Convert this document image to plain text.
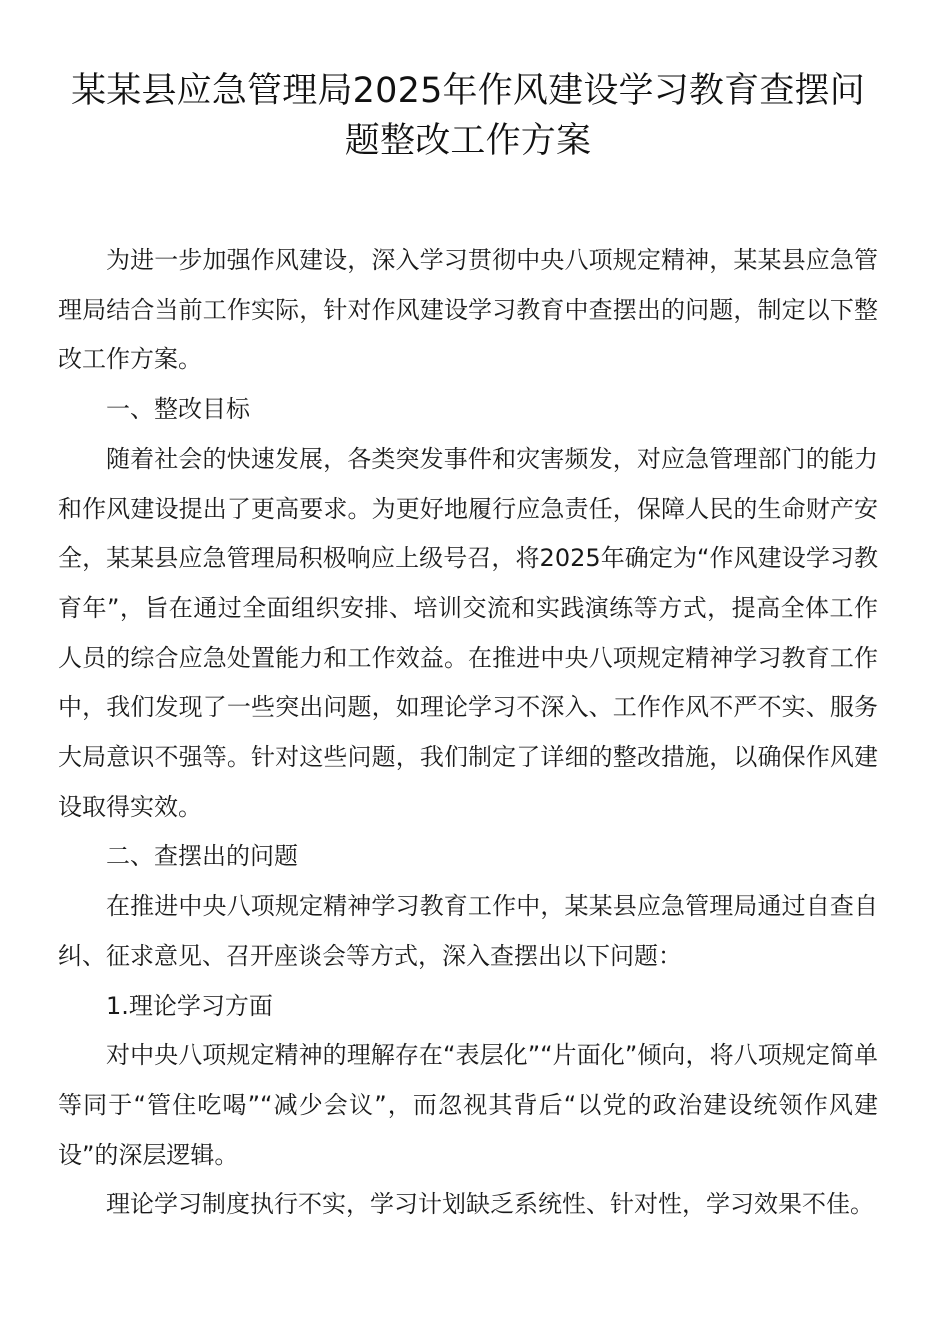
某某县应急管理局2025年作风建设学习教育查摆问
题整改工作方案

为进一步加强作风建设，深入学习贯彻中央八项规定精神，某某县应急管理局结合当前工作实际，针对作风建设学习教育中查摆出的问题，制定以下整改工作方案。

一、整改目标

随着社会的快速发展，各类突发事件和灾害频发，对应急管理部门的能力和作风建设提出了更高要求。为更好地履行应急责任，保障人民的生命财产安全，某某县应急管理局积极响应上级号召，将2025年确定为“作风建设学习教育年”，旨在通过全面组织安排、培训交流和实践演练等方式，提高全体工作人员的综合应急处置能力和工作效益。在推进中央八项规定精神学习教育工作中，我们发现了一些突出问题，如理论学习不深入、工作作风不严不实、服务大局意识不强等。针对这些问题，我们制定了详细的整改措施，以确保作风建设取得实效。

二、查摆出的问题

在推进中央八项规定精神学习教育工作中，某某县应急管理局通过自查自纠、征求意见、召开座谈会等方式，深入查摆出以下问题：

1.理论学习方面

对中央八项规定精神的理解存在“表层化”“片面化”倾向，将八项规定简单等同于“管住吃喝”“减少会议”，而忽视其背后“以党的政治建设统领作风建设”的深层逻辑。

理论学习制度执行不实，学习计划缺乏系统性、针对性，学习效果不佳。
